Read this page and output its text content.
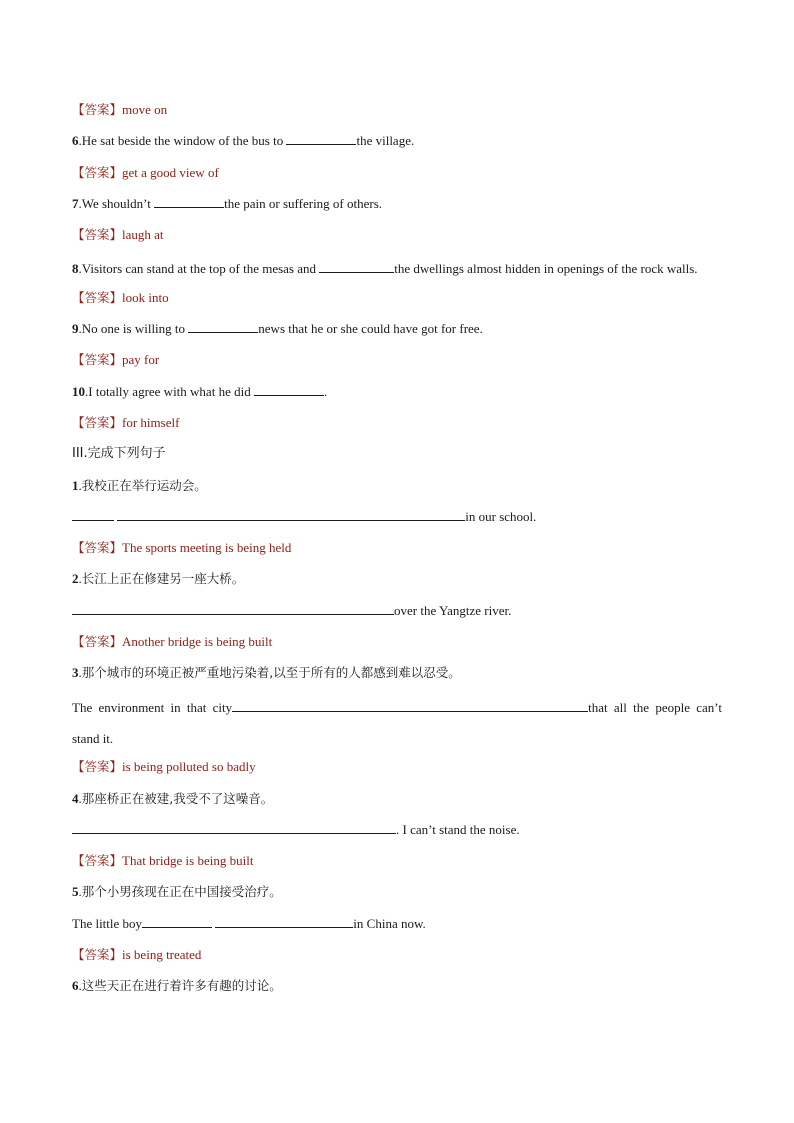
【答案】move on
6.He sat beside the window of the bus to	the village.
【答案】get a good view of
7.We shouldn’t	the pain or suffering of others.
【答案】laugh at
8.Visitors can stand at the top of the mesas and	the dwellings almost hidden in openings of the rock walls.
【答案】look into
9.No one is willing to	news that he or she could have got for free.
【答案】pay for
10.I totally agree with what he did	.
【答案】for himself
III.完成下列句子
1.我校正在举行运动会。
in our school.
【答案】The sports meeting is being held
2.长江上正在修建另一座大桥。
over the Yangtze river.
【答案】Another bridge is being built
3.那个城市的环境正被严重地污染着,以至于所有的人都感到难以忍受。
The environment in that city	that all the people can’t stand it.
【答案】is being polluted so badly
4.那座桥正在被建,我受不了这噪音。
. I can’t stand the noise.
【答案】That bridge is being built
5.那个小男孩现在正在中国接受治疗。
The little boy	in China now.
【答案】is being treated
6.这些天正在进行着许多有趣的讨论。
